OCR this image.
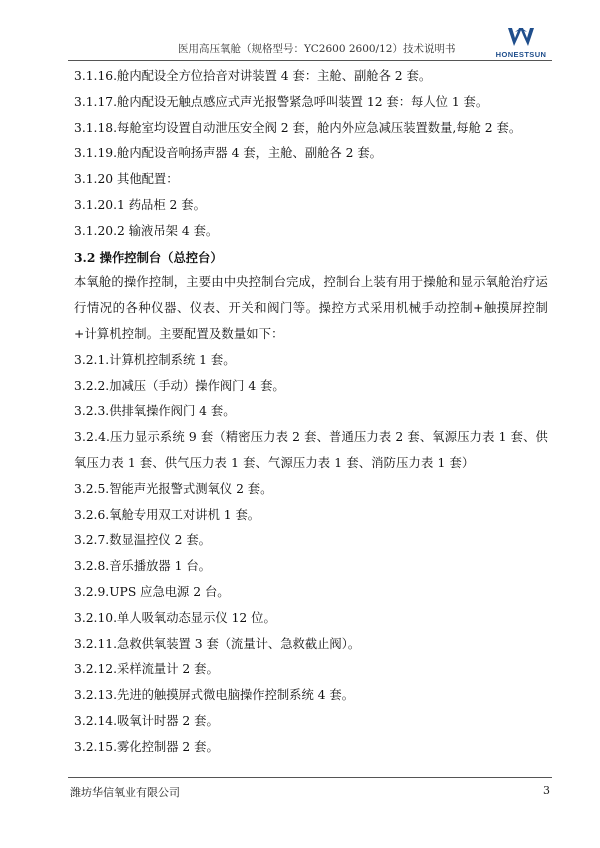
医用高压氧舱（规格型号：YC2600 2600/12）技术说明书	HONESTSUN
3.1.16.舱内配设全方位拾音对讲装置 4 套：主舱、副舱各 2 套。
3.1.17.舱内配设无触点感应式声光报警紧急呼叫装置 12 套：每人位 1 套。
3.1.18.每舱室均设置自动泄压安全阀 2 套，舱内外应急减压装置数量,每舱 2 套。
3.1.19.舱内配设音响扬声器 4 套，主舱、副舱各 2 套。
3.1.20 其他配置：
3.1.20.1 药品柜 2 套。
3.1.20.2 输液吊架 4 套。
3.2 操作控制台（总控台）
本氧舱的操作控制，主要由中央控制台完成，控制台上装有用于操舱和显示氧舱治疗运行情况的各种仪器、仪表、开关和阀门等。操控方式采用机械手动控制+触摸屏控制+计算机控制。主要配置及数量如下：
3.2.1.计算机控制系统 1 套。
3.2.2.加减压（手动）操作阀门 4 套。
3.2.3.供排氧操作阀门 4 套。
3.2.4.压力显示系统 9 套（精密压力表 2 套、普通压力表 2 套、氧源压力表 1 套、供氧压力表 1 套、供气压力表 1 套、气源压力表 1 套、消防压力表 1 套）
3.2.5.智能声光报警式测氧仪 2 套。
3.2.6.氧舱专用双工对讲机 1 套。
3.2.7.数显温控仪 2 套。
3.2.8.音乐播放器 1 台。
3.2.9.UPS 应急电源 2 台。
3.2.10.单人吸氧动态显示仪 12 位。
3.2.11.急救供氧装置 3 套（流量计、急救截止阀）。
3.2.12.采样流量计 2 套。
3.2.13.先进的触摸屏式微电脑操作控制系统 4 套。
3.2.14.吸氧计时器 2 套。
3.2.15.雾化控制器 2 套。
潍坊华信氧业有限公司	3
